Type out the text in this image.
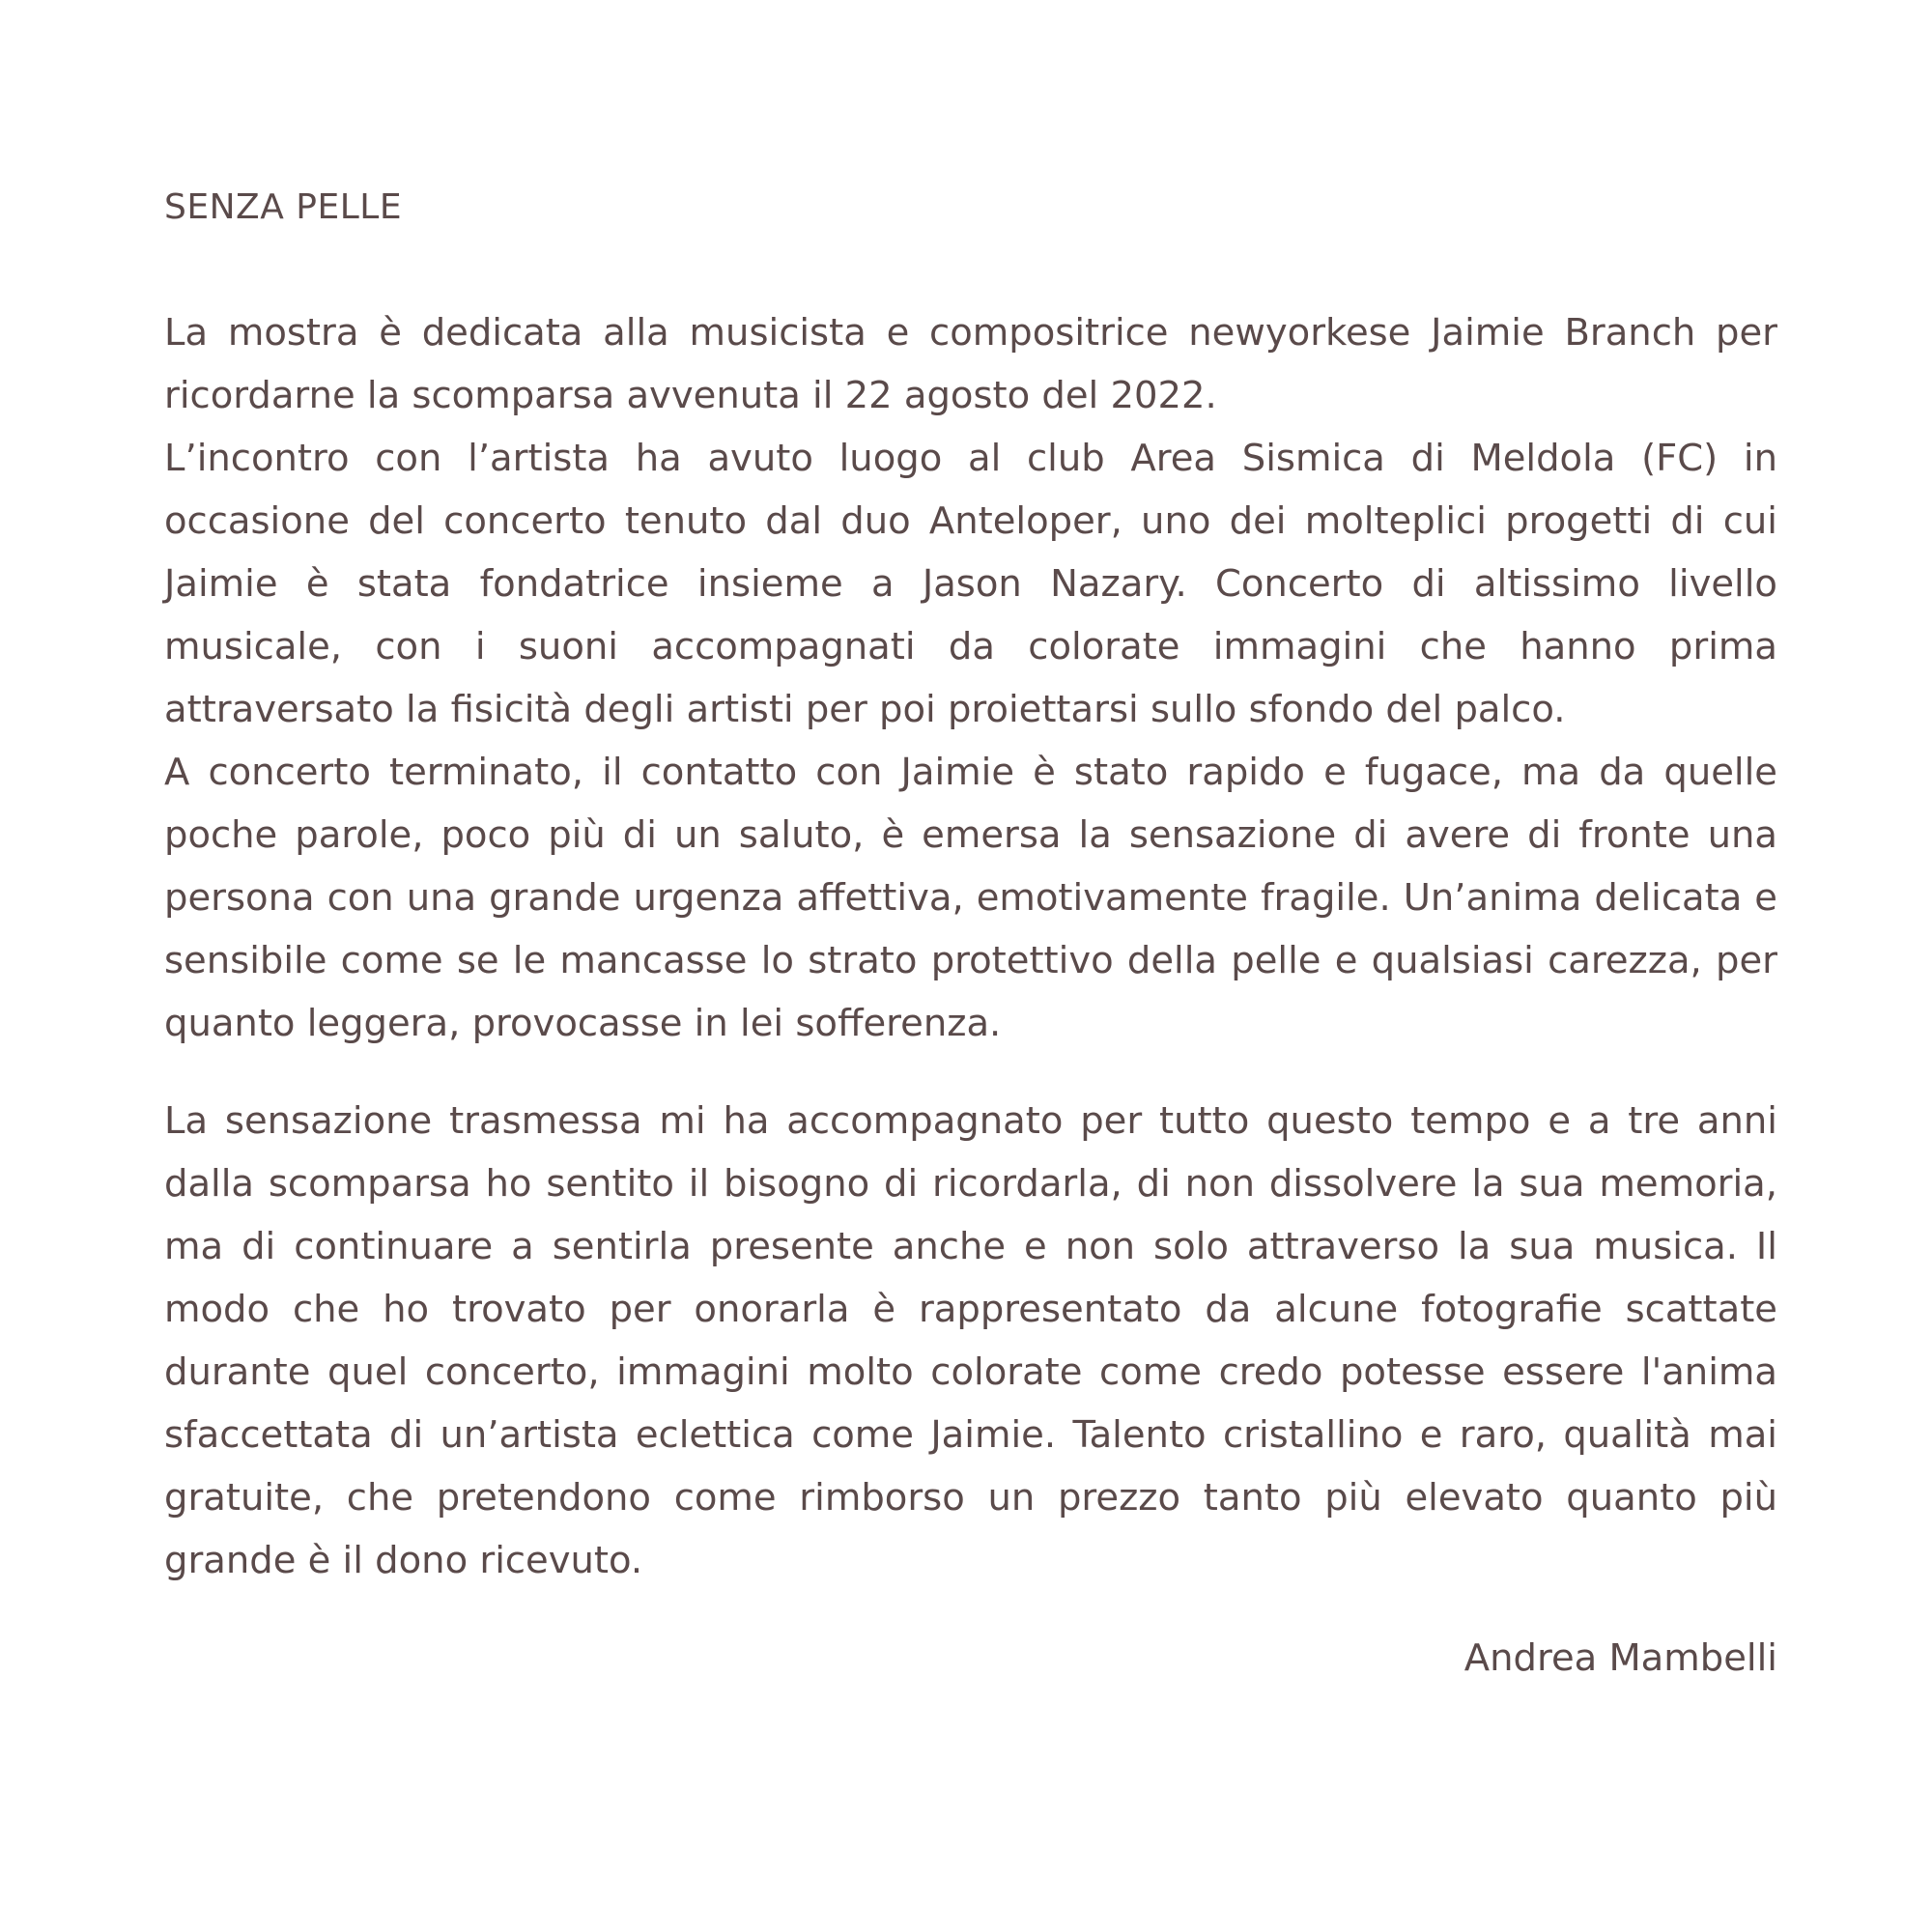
SENZA PELLE
La mostra è dedicata alla musicista e compositrice newyorkese Jaimie Branch per ricordarne la scomparsa avvenuta il 22 agosto del 2022.
L’incontro con l’artista ha avuto luogo al club Area Sismica di Meldola (FC) in occasione del concerto tenuto dal duo Anteloper, uno dei molteplici progetti di cui Jaimie è stata fondatrice insieme a Jason Nazary. Concerto di altissimo livello musicale, con i suoni accompagnati da colorate immagini che hanno prima attraversato la fisicità degli artisti per poi proiettarsi sullo sfondo del palco.
A concerto terminato, il contatto con Jaimie è stato rapido e fugace, ma da quelle poche parole, poco più di un saluto, è emersa la sensazione di avere di fronte una persona con una grande urgenza affettiva, emotivamente fragile. Un’anima delicata e sensibile come se le mancasse lo strato protettivo della pelle e qualsiasi carezza, per quanto leggera, provocasse in lei sofferenza.
La sensazione trasmessa mi ha accompagnato per tutto questo tempo e a tre anni dalla scomparsa ho sentito il bisogno di ricordarla, di non dissolvere la sua memoria, ma di continuare a sentirla presente anche e non solo attraverso la sua musica. Il modo che ho trovato per onorarla è rappresentato da alcune fotografie scattate durante quel concerto, immagini molto colorate come credo potesse essere l'anima sfaccettata di un’artista eclettica come Jaimie. Talento cristallino e raro, qualità mai gratuite, che pretendono come rimborso un prezzo tanto più elevato quanto più grande è il dono ricevuto.
Andrea Mambelli
